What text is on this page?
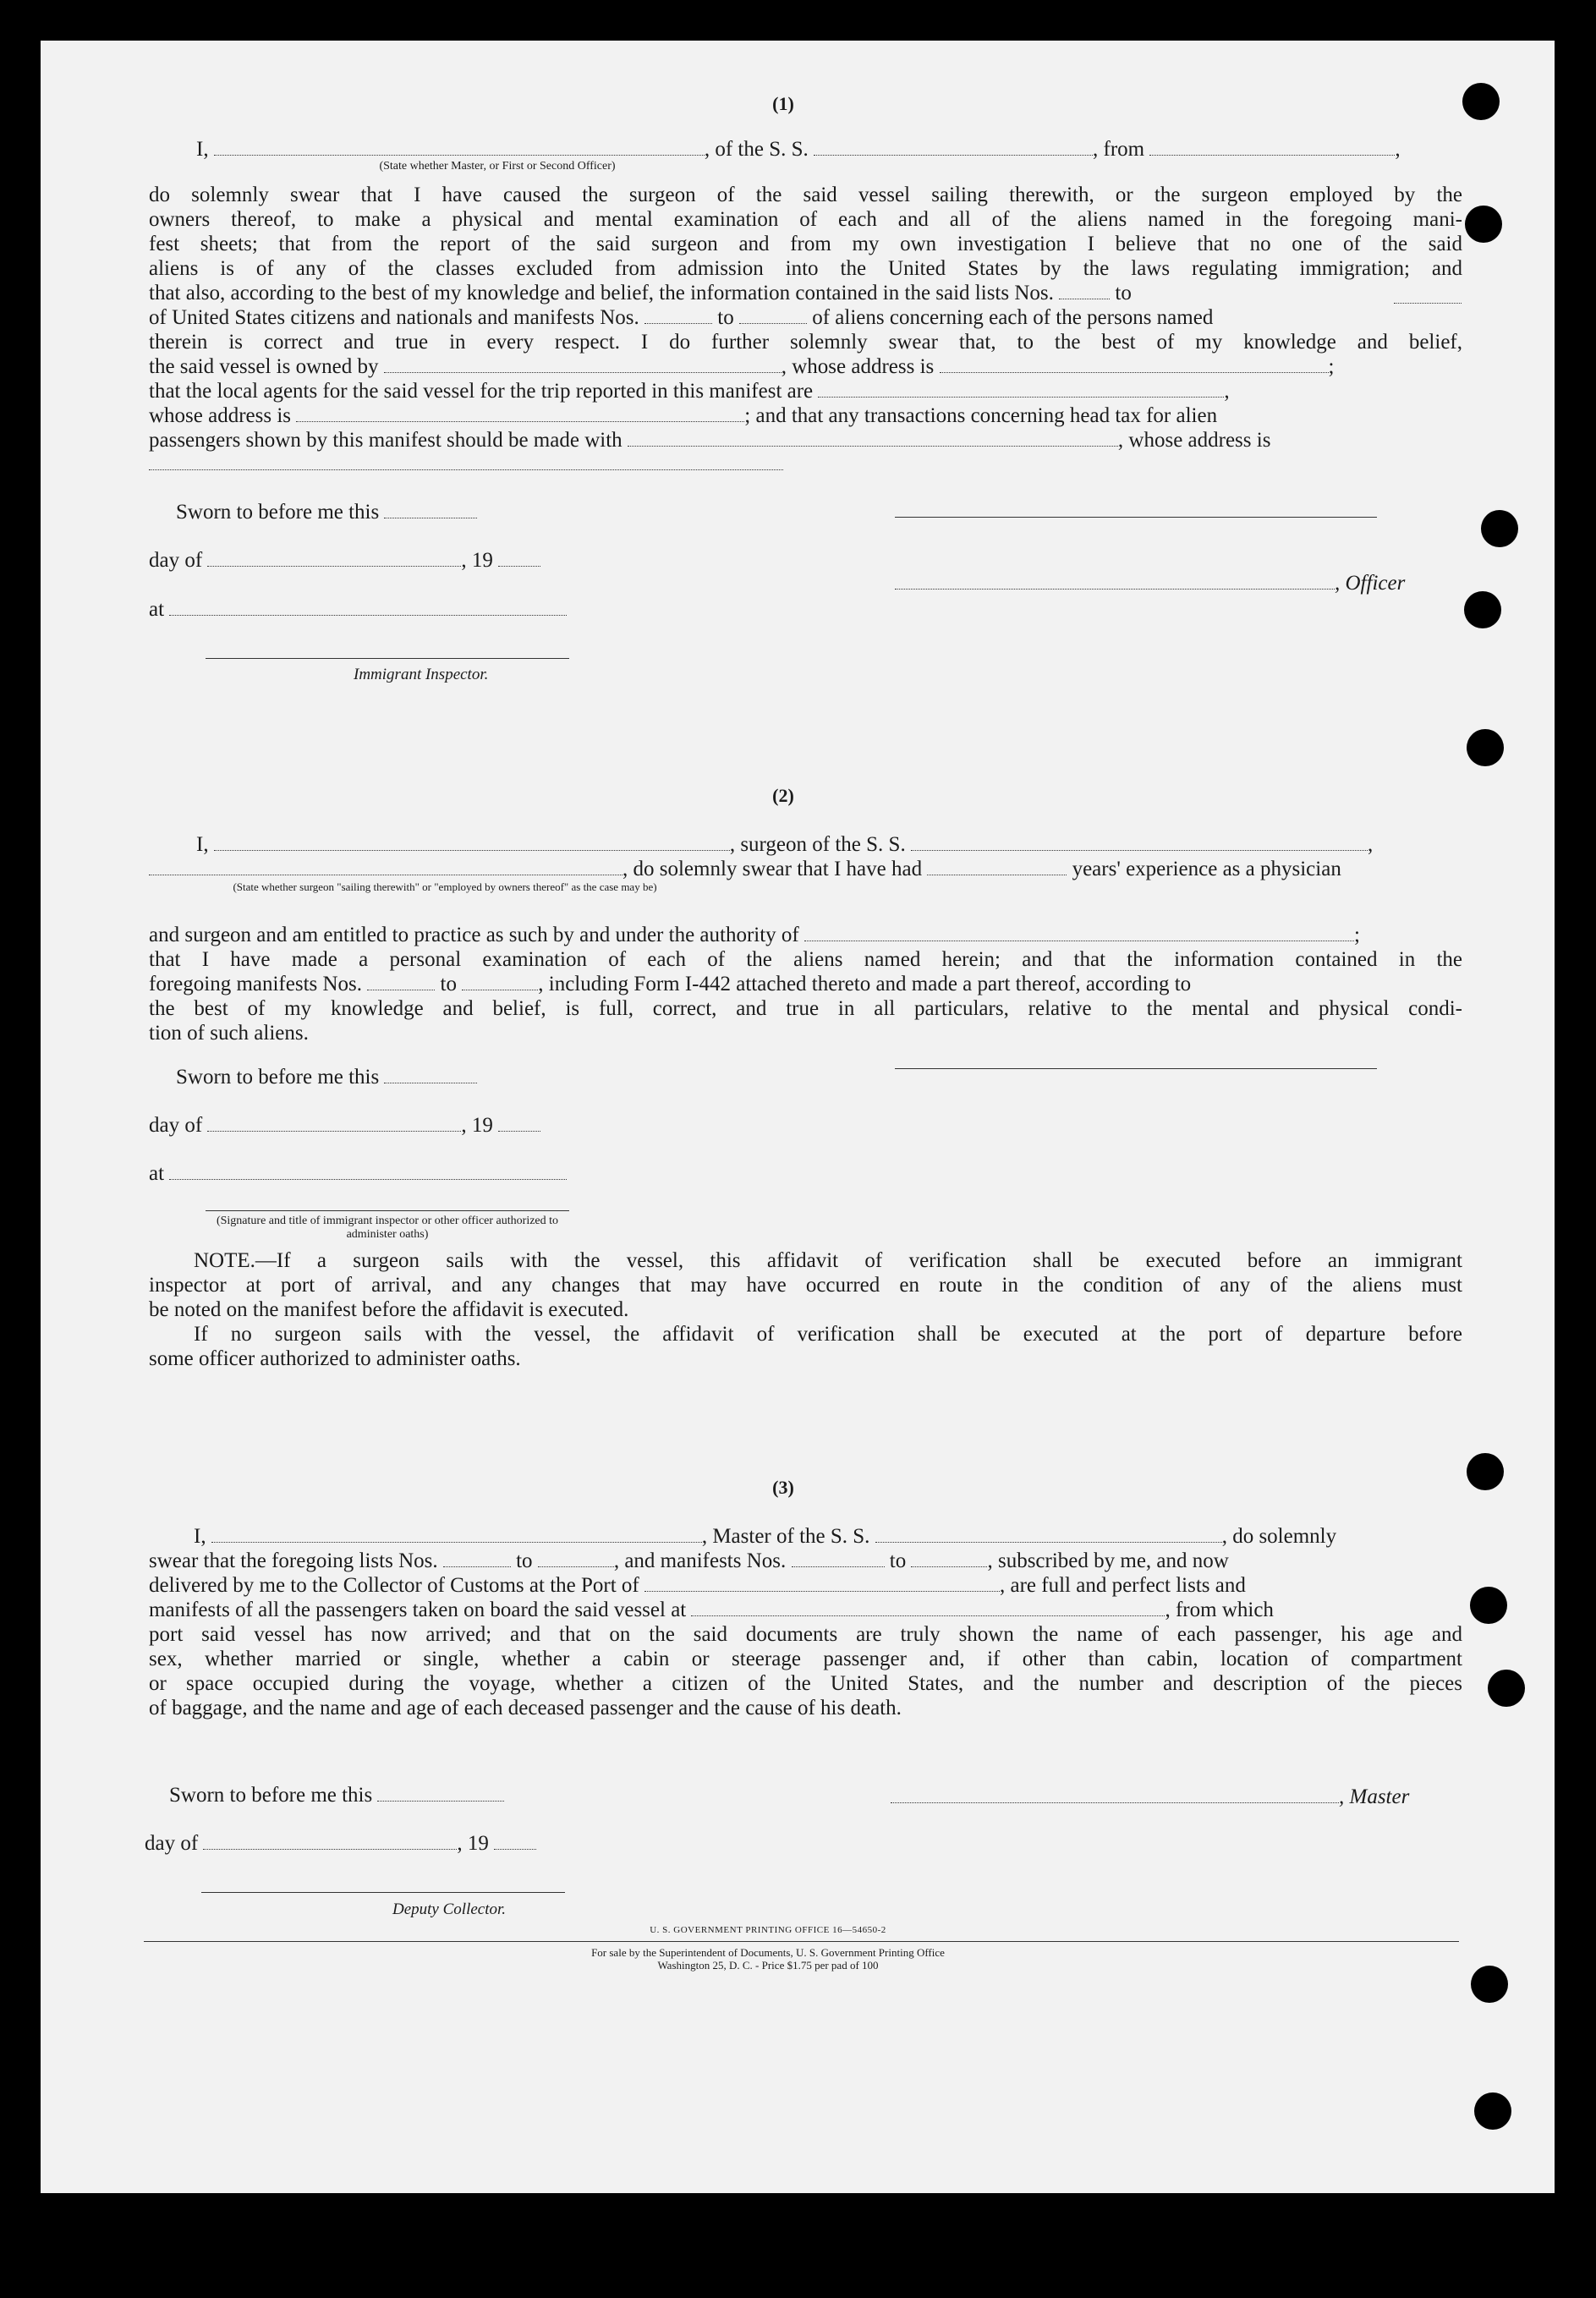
(1)
I,	, of the S. S.	, from	,
(State whether Master, or First or Second Officer)
do solemnly swear that I have caused the surgeon of the said vessel sailing therewith, or the surgeon employed by the
owners thereof, to make a physical and mental examination of each and all of the aliens named in the foregoing mani-
fest sheets; that from the report of the said surgeon and from my own investigation I believe that no one of the said
aliens is of any of the classes excluded from admission into the United States by the laws regulating immigration; and
that also, according to the best of my knowledge and belief, the information contained in the said lists Nos.	to
of United States citizens and nationals and manifests Nos.	to	of aliens concerning each of the persons named
therein is correct and true in every respect. I do further solemnly swear that, to the best of my knowledge and belief,
the said vessel is owned by	, whose address is	;
that the local agents for the said vessel for the trip reported in this manifest are	,
whose address is	; and that any transactions concerning head tax for alien
passengers shown by this manifest should be made with	, whose address is
Sworn to before me this
day of	, 19
, Officer
at
Immigrant Inspector.
(2)
I,	, surgeon of the S. S.	,
, do solemnly swear that I have had	years' experience as a physician
(State whether surgeon "sailing therewith" or "employed by owners thereof" as the case may be)
and surgeon and am entitled to practice as such by and under the authority of	;
that I have made a personal examination of each of the aliens named herein; and that the information contained in the
foregoing manifests Nos.	to	, including Form I-442 attached thereto and made a part thereof, according to
the best of my knowledge and belief, is full, correct, and true in all particulars, relative to the mental and physical condi-
tion of such aliens.
Sworn to before me this
day of	, 19
at
(Signature and title of immigrant inspector or other officer authorized to administer oaths)
NOTE.—If a surgeon sails with the vessel, this affidavit of verification shall be executed before an immigrant
inspector at port of arrival, and any changes that may have occurred en route in the condition of any of the aliens must
be noted on the manifest before the affidavit is executed.
If no surgeon sails with the vessel, the affidavit of verification shall be executed at the port of departure before
some officer authorized to administer oaths.
(3)
I,	, Master of the S. S.	, do solemnly
swear that the foregoing lists Nos.	to	, and manifests Nos.	to	, subscribed by me, and now
delivered by me to the Collector of Customs at the Port of	, are full and perfect lists and
manifests of all the passengers taken on board the said vessel at	, from which
port said vessel has now arrived; and that on the said documents are truly shown the name of each passenger, his age and
sex, whether married or single, whether a cabin or steerage passenger and, if other than cabin, location of compartment
or space occupied during the voyage, whether a citizen of the United States, and the number and description of the pieces
of baggage, and the name and age of each deceased passenger and the cause of his death.
Sworn to before me this	, Master
day of	, 19
Deputy Collector.
U. S. GOVERNMENT PRINTING OFFICE 16—54650-2
For sale by the Superintendent of Documents, U. S. Government Printing Office
Washington 25, D. C. - Price $1.75 per pad of 100
